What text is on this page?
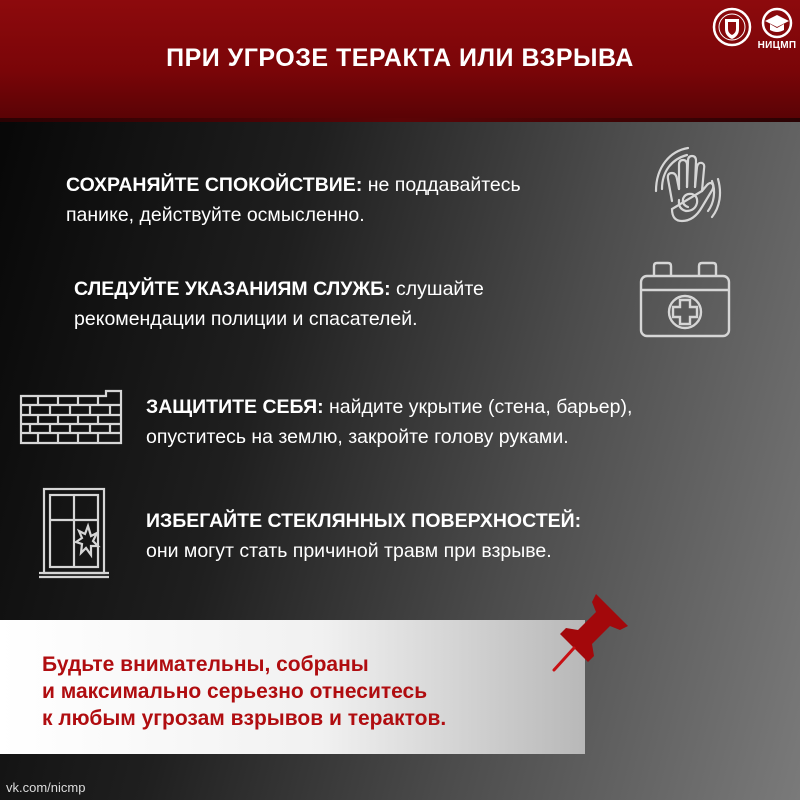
ПРИ УГРОЗЕ ТЕРАКТА ИЛИ ВЗРЫВА	НИЦМП
СОХРАНЯЙТЕ СПОКОЙСТВИЕ: не поддавайтесь
панике, действуйте осмысленно.
СЛЕДУЙТЕ УКАЗАНИЯМ СЛУЖБ: слушайте
рекомендации полиции и спасателей.
ЗАЩИТИТЕ СЕБЯ: найдите укрытие (стена, барьер),
опуститесь на землю, закройте голову руками.
ИЗБЕГАЙТЕ СТЕКЛЯННЫХ ПОВЕРХНОСТЕЙ:
они могут стать причиной травм при взрыве.
Будьте внимательны, собраны
и максимально серьезно отнеситесь
к любым угрозам взрывов и терактов.
vk.com/nicmp
